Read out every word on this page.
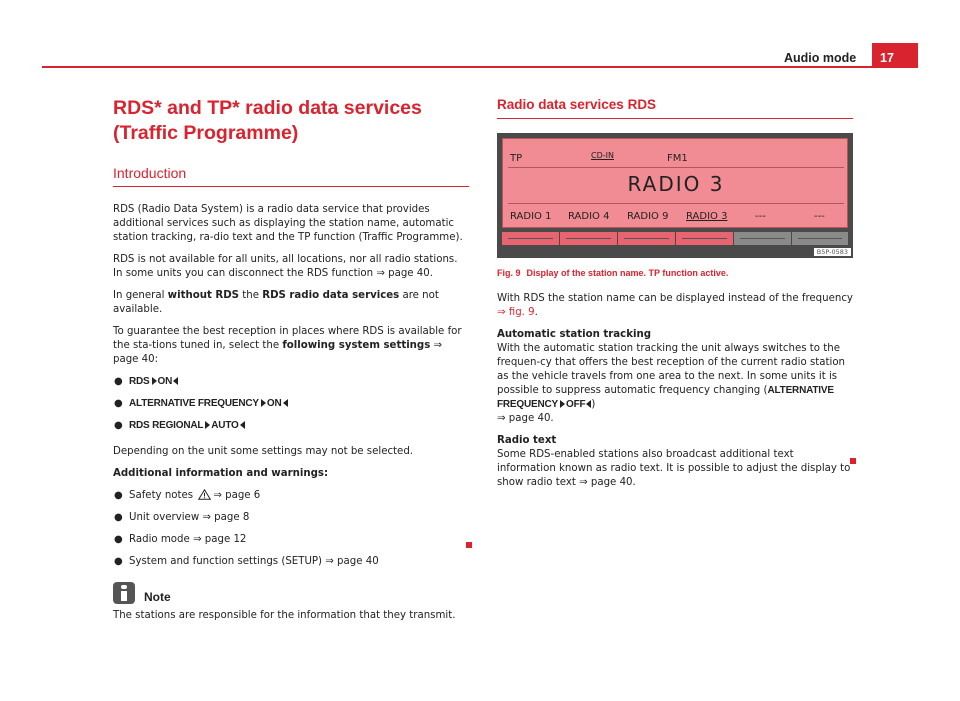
Audio mode	17
RDS* and TP* radio data services (Traffic Programme)
Introduction
RDS (Radio Data System) is a radio data service that provides additional services such as displaying the station name, automatic station tracking, ra-dio text and the TP function (Traffic Programme).
RDS is not available for all units, all locations, nor all radio stations. In some units you can disconnect the RDS function ⇒ page 40.
In general without RDS the RDS radio data services are not available.
To guarantee the best reception in places where RDS is available for the sta-tions tuned in, select the following system settings ⇒ page 40:
● RDS ON
● ALTERNATIVE FREQUENCY ON
● RDS REGIONAL AUTO
Depending on the unit some settings may not be selected.
Additional information and warnings:
● Safety notes ⇒ page 6
● Unit overview ⇒ page 8
● Radio mode ⇒ page 12
● System and function settings (SETUP) ⇒ page 40
Note
The stations are responsible for the information that they transmit.
Radio data services RDS
TP	CD-IN	FM1
RADIO 3
RADIO 1 RADIO 4 RADIO 9 RADIO 3	---	---
B5P-0583
Fig. 9 Display of the station name. TP function active.
With RDS the station name can be displayed instead of the frequency
⇒ fig. 9.
Automatic station tracking
With the automatic station tracking the unit always switches to the frequen-cy that offers the best reception of the current radio station as the vehicle travels from one area to the next. In some units it is possible to suppress automatic frequency changing (ALTERNATIVE FREQUENCY OFF )
⇒ page 40.
Radio text
Some RDS-enabled stations also broadcast additional text information known as radio text. It is possible to adjust the display to show radio text ⇒ page 40.
